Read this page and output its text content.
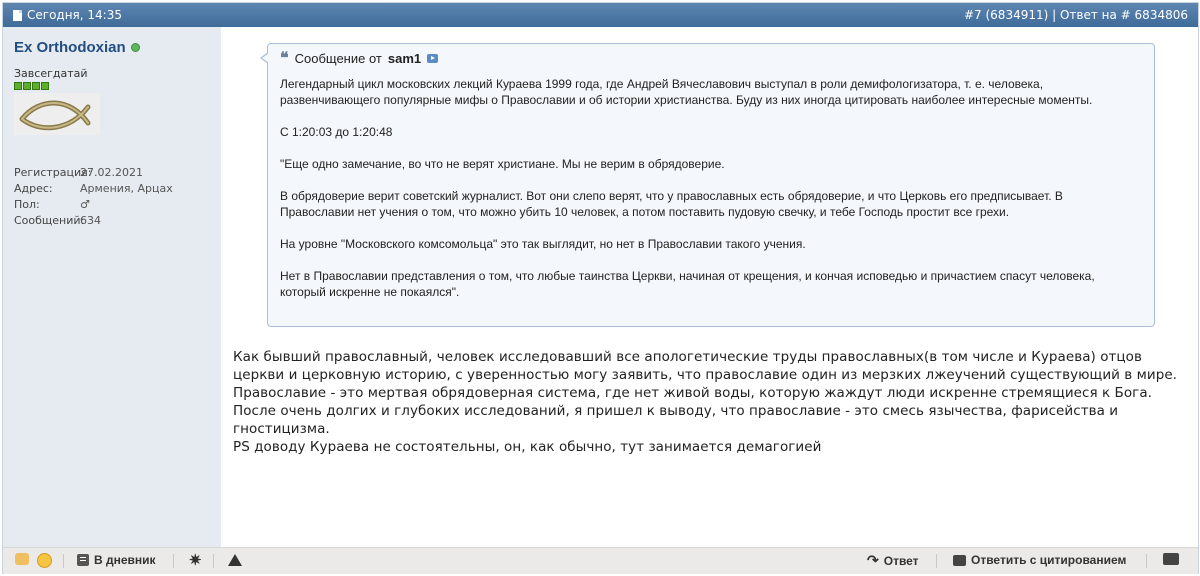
Сегодня, 14:35	#7 (6834911) | Ответ на # 6834806
Ex Orthodoxian
Завсегдатай
Регистрация:
27.02.2021
Адрес:	Армения, Арцах
Пол:	♂
Сообщений:
634
❝ Сообщение от sam1

Легендарный цикл московских лекций Кураева 1999 года, где Андрей Вячеславович выступал в роли демифологизатора, т. е. человека, развенчивающего популярные мифы о Православии и об истории христианства. Буду из них иногда цитировать наиболее интересные моменты.

С 1:20:03 до 1:20:48

"Еще одно замечание, во что не верят христиане. Мы не верим в обрядоверие.

В обрядоверие верит советский журналист. Вот они слепо верят, что у православных есть обрядоверие, и что Церковь его предписывает. В Православии нет учения о том, что можно убить 10 человек, а потом поставить пудовую свечку, и тебе Господь простит все грехи.

На уровне "Московского комсомольца" это так выглядит, но нет в Православии такого учения.

Нет в Православии представления о том, что любые таинства Церкви, начиная от крещения, и кончая исповедью и причастием спасут человека, который искренне не покаялся".

Как бывший православный, человек исследовавший все апологетические труды православных(в том числе и Кураева) отцов церкви и церковную историю, с уверенностью могу заявить, что православие один из мерзких лжеучений существующий в мире. Православие - это мертвая обрядоверная система, где нет живой воды, которую жаждут люди искренне стремящиеся к Бога. После очень долгих и глубоких исследований, я пришел к выводу, что православие - это смесь язычества, фарисейства и гностицизма.

PS доводу Кураева не состоятельны, он, как обычно, тут занимается демагогией

В дневник ✷	↷ Ответ	Ответить с цитированием
